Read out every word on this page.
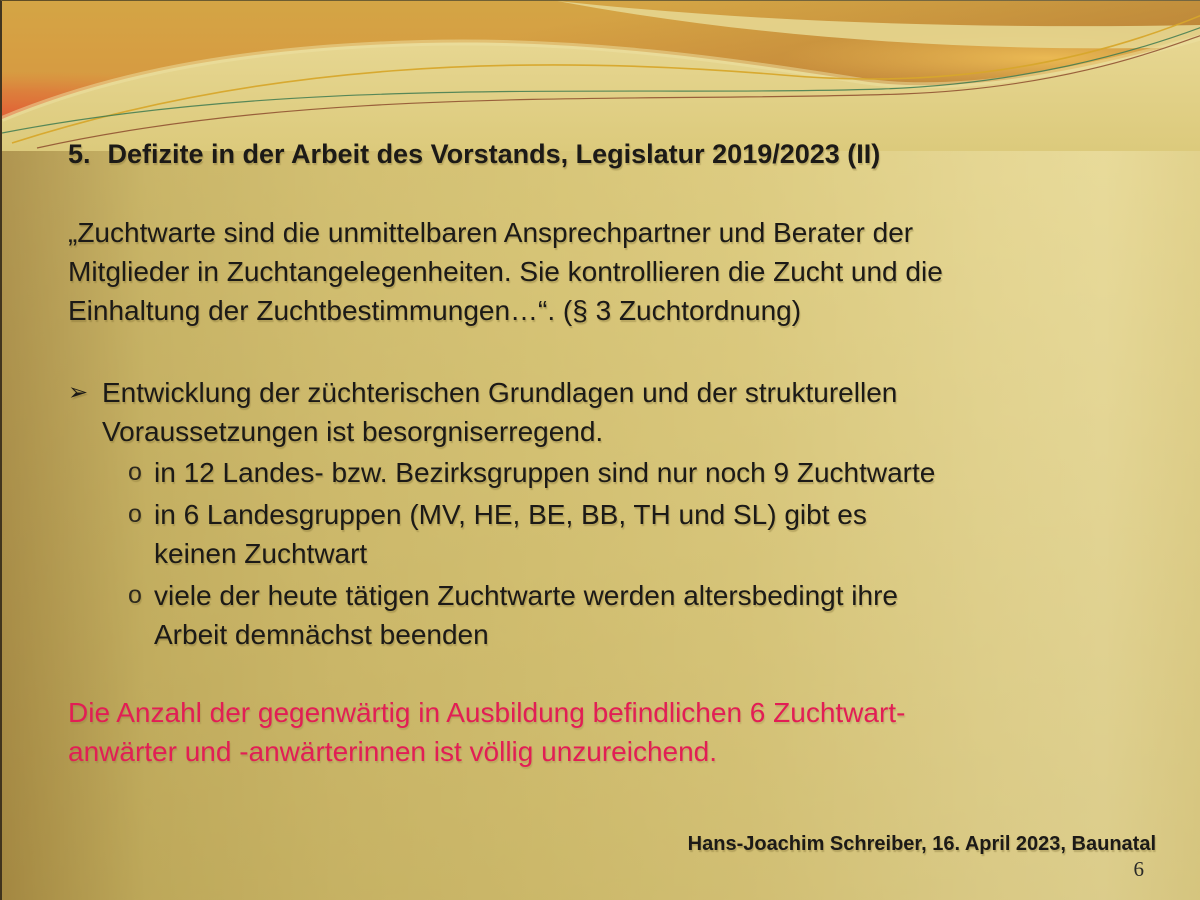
5. Defizite in der Arbeit des Vorstands, Legislatur 2019/2023 (II)
„Zuchtwarte sind die unmittelbaren Ansprechpartner und Berater der
Mitglieder in Zuchtangelegenheiten. Sie kontrollieren die Zucht und die
Einhaltung der Zuchtbestimmungen…“. (§ 3 Zuchtordnung)
➢ Entwicklung der züchterischen Grundlagen und der strukturellen
Voraussetzungen ist besorgniserregend.
o in 12 Landes- bzw. Bezirksgruppen sind nur noch 9 Zuchtwarte
o in 6 Landesgruppen (MV, HE, BE, BB, TH und SL) gibt es
keinen Zuchtwart
o viele der heute tätigen Zuchtwarte werden altersbedingt ihre
Arbeit demnächst beenden
Die Anzahl der gegenwärtig in Ausbildung befindlichen 6 Zuchtwart-
anwärter und -anwärterinnen ist völlig unzureichend.
Hans-Joachim Schreiber, 16. April 2023, Baunatal
6
